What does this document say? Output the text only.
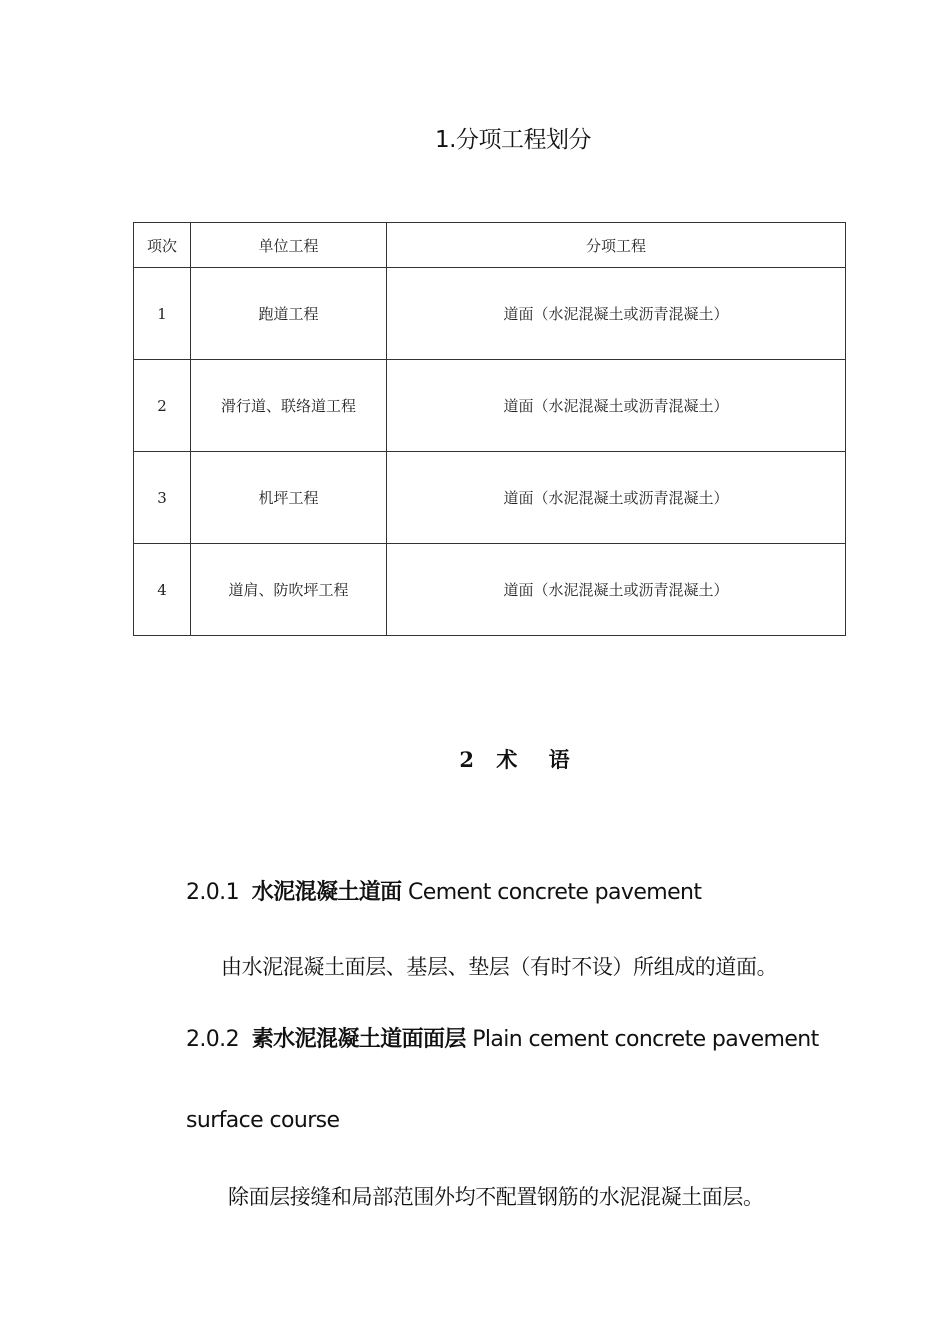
1.分项工程划分
项次	单位工程	分项工程
1	跑道工程	道面（水泥混凝土或沥青混凝土）
2	滑行道、联络道工程	道面（水泥混凝土或沥青混凝土）
3	机坪工程	道面（水泥混凝土或沥青混凝土）
4	道肩、防吹坪工程	道面（水泥混凝土或沥青混凝土）
2 术 语
2.0.1 水泥混凝土道面 Cement concrete pavement
由水泥混凝土面层、基层、垫层（有时不设）所组成的道面。
2.0.2 素水泥混凝土道面面层 Plain cement concrete pavement
surface course
除面层接缝和局部范围外均不配置钢筋的水泥混凝土面层。
